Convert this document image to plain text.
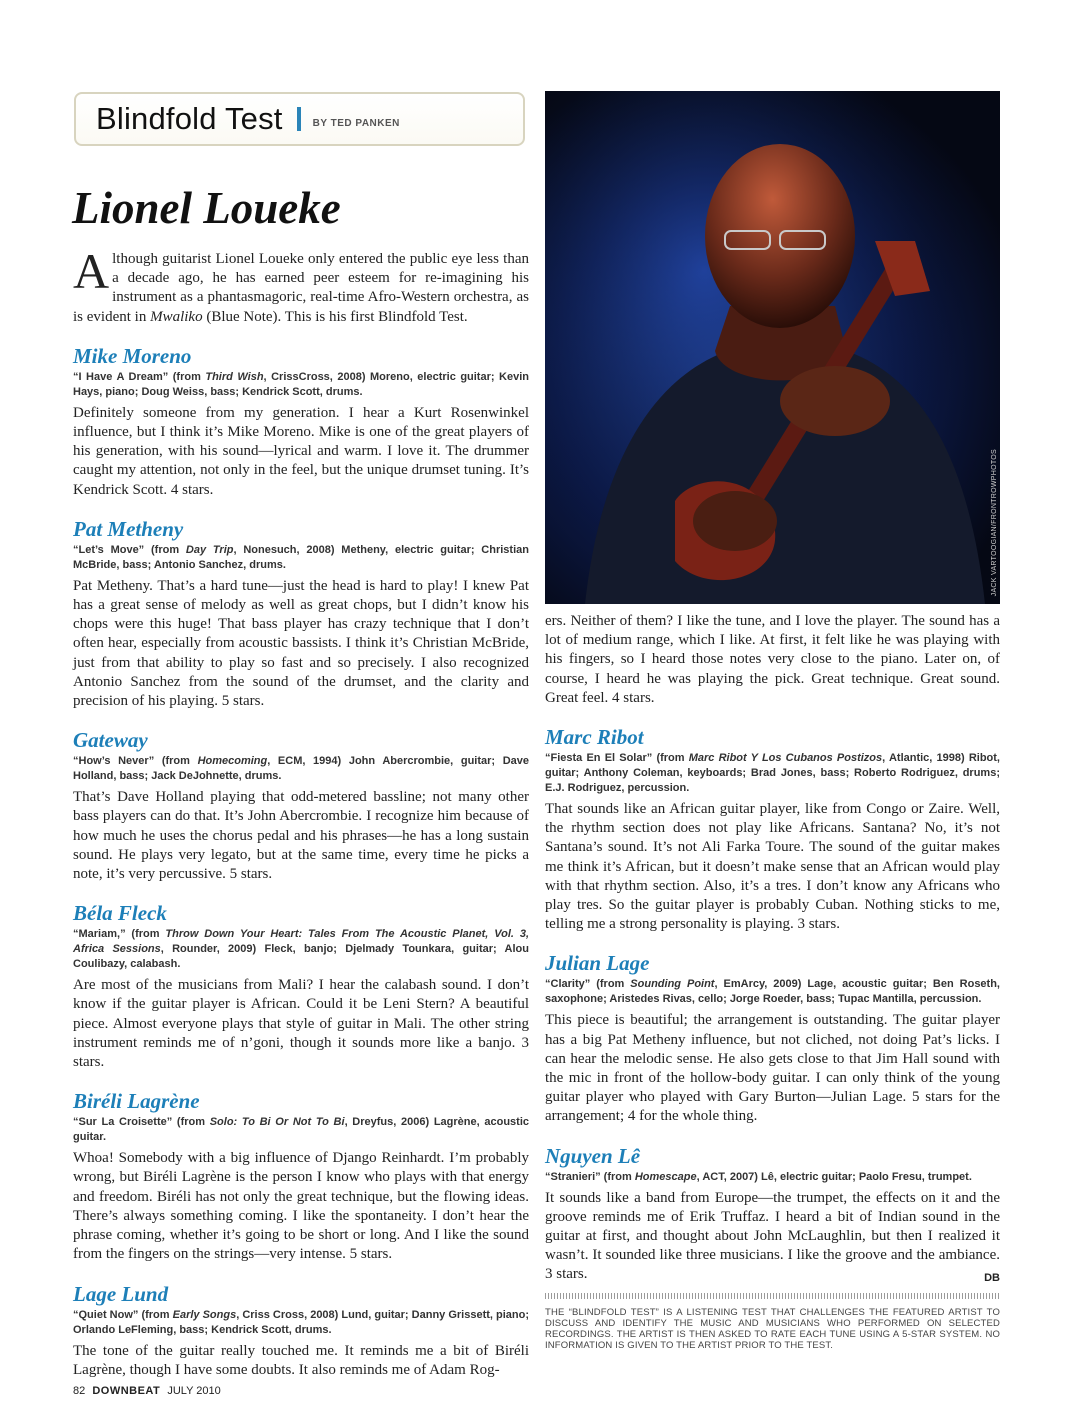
Blindfold Test	BY TED PANKEN
Lionel Loueke

Although guitarist Lionel Loueke only entered the public eye less than a decade ago, he has earned peer esteem for re-imagining his instrument as a phantasmagoric, real-time Afro-Western orchestra, as is evident in Mwaliko (Blue Note). This is his first Blindfold Test.

Mike Moreno

“I Have A Dream” (from Third Wish, CrissCross, 2008) Moreno, electric guitar; Kevin Hays, piano; Doug Weiss, bass; Kendrick Scott, drums.

Definitely someone from my generation. I hear a Kurt Rosenwinkel influence, but I think it’s Mike Moreno. Mike is one of the great players of his generation, with his sound—lyrical and warm. I love it. The drummer caught my attention, not only in the feel, but the unique drumset tuning. It’s Kendrick Scott. 4 stars.

Pat Metheny

“Let’s Move” (from Day Trip, Nonesuch, 2008) Metheny, electric guitar; Christian McBride, bass; Antonio Sanchez, drums.

Pat Metheny. That’s a hard tune—just the head is hard to play! I knew Pat has a great sense of melody as well as great chops, but I didn’t know his chops were this huge! That bass player has crazy technique that I don’t often hear, especially from acoustic bassists. I think it’s Christian McBride, just from that ability to play so fast and so precisely. I also recognized Antonio Sanchez from the sound of the drumset, and the clarity and precision of his playing. 5 stars.

Gateway

“How’s Never” (from Homecoming, ECM, 1994) John Abercrombie, guitar; Dave Holland, bass; Jack DeJohnette, drums.

That’s Dave Holland playing that odd-metered bassline; not many other bass players can do that. It’s John Abercrombie. I recognize him because of how much he uses the chorus pedal and his phrases—he has a long sustain sound. He plays very legato, but at the same time, every time he picks a note, it’s very percussive. 5 stars.

Béla Fleck

“Mariam,” (from Throw Down Your Heart: Tales From The Acoustic Planet, Vol. 3, Africa Sessions, Rounder, 2009) Fleck, banjo; Djelmady Tounkara, guitar; Alou Coulibazy, calabash.

Are most of the musicians from Mali? I hear the calabash sound. I don’t know if the guitar player is African. Could it be Leni Stern? A beautiful piece. Almost everyone plays that style of guitar in Mali. The other string instrument reminds me of n’goni, though it sounds more like a banjo. 3 stars.

Biréli Lagrène

“Sur La Croisette” (from Solo: To Bi Or Not To Bi, Dreyfus, 2006) Lagrène, acoustic guitar.

Whoa! Somebody with a big influence of Django Reinhardt. I’m probably wrong, but Biréli Lagrène is the person I know who plays with that energy and freedom. Biréli has not only the great technique, but the flowing ideas. There’s always something coming. I like the spontaneity. I don’t hear the phrase coming, whether it’s going to be short or long. And I like the sound from the fingers on the strings—very intense. 5 stars.

Lage Lund

“Quiet Now” (from Early Songs, Criss Cross, 2008) Lund, guitar; Danny Grissett, piano; Orlando LeFleming, bass; Kendrick Scott, drums.

The tone of the guitar really touched me. It reminds me a bit of Biréli Lagrène, though I have some doubts. It also reminds me of Adam Rog-

JACK VARTOOGIAN/FRONTROWPHOTOS

ers. Neither of them? I like the tune, and I love the player. The sound has a lot of medium range, which I like. At first, it felt like he was playing with his fingers, so I heard those notes very close to the piano. Later on, of course, I heard he was playing the pick. Great technique. Great sound. Great feel. 4 stars.

Marc Ribot

“Fiesta En El Solar” (from Marc Ribot Y Los Cubanos Postizos, Atlantic, 1998) Ribot, guitar; Anthony Coleman, keyboards; Brad Jones, bass; Roberto Rodriguez, drums; E.J. Rodriguez, percussion.

That sounds like an African guitar player, like from Congo or Zaire. Well, the rhythm section does not play like Africans. Santana? No, it’s not Santana’s sound. It’s not Ali Farka Toure. The sound of the guitar makes me think it’s African, but it doesn’t make sense that an African would play with that rhythm section. Also, it’s a tres. I don’t know any Africans who play tres. So the guitar player is probably Cuban. Nothing sticks to me, telling me a strong personality is playing. 3 stars.

Julian Lage

“Clarity” (from Sounding Point, EmArcy, 2009) Lage, acoustic guitar; Ben Roseth, saxophone; Aristedes Rivas, cello; Jorge Roeder, bass; Tupac Mantilla, percussion.

This piece is beautiful; the arrangement is outstanding. The guitar player has a big Pat Metheny influence, but not cliched, not doing Pat’s licks. I can hear the melodic sense. He also gets close to that Jim Hall sound with the mic in front of the hollow-body guitar. I can only think of the young guitar player who played with Gary Burton—Julian Lage. 5 stars for the arrangement; 4 for the whole thing.

Nguyen Lê

“Stranieri” (from Homescape, ACT, 2007) Lê, electric guitar; Paolo Fresu, trumpet.

It sounds like a band from Europe—the trumpet, the effects on it and the groove reminds me of Erik Truffaz. I heard a bit of Indian sound in the guitar at first, and thought about John McLaughlin, but then I realized it wasn’t. It sounded like three musicians. I like the groove and the ambiance. 3 stars.	DB

THE “BLINDFOLD TEST” IS A LISTENING TEST THAT CHALLENGES THE FEATURED ARTIST TO DISCUSS AND IDENTIFY THE MUSIC AND MUSICIANS WHO PERFORMED ON SELECTED RECORDINGS. THE ARTIST IS THEN ASKED TO RATE EACH TUNE USING A 5-STAR SYSTEM. NO INFORMATION IS GIVEN TO THE ARTIST PRIOR TO THE TEST.

82 DOWNBEAT JULY 2010
